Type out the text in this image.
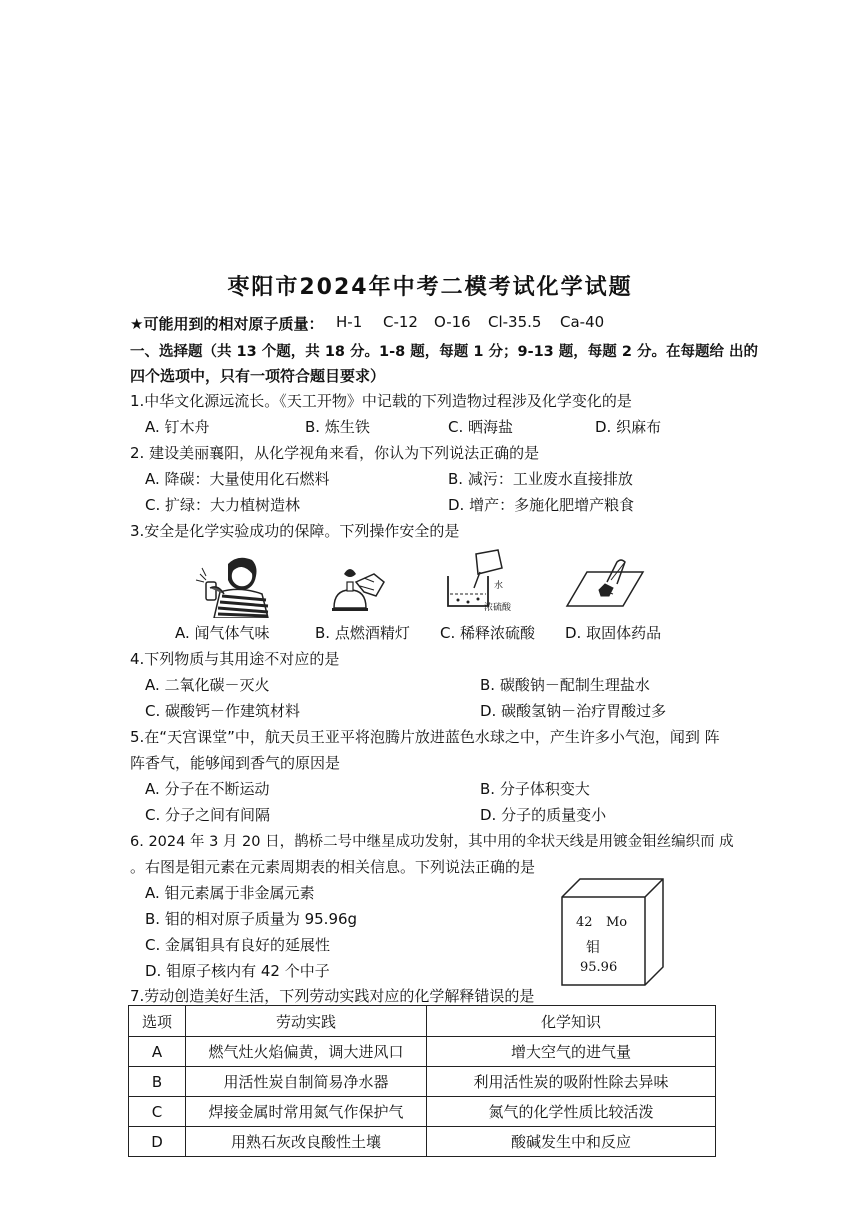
枣阳市2024年中考二模考试化学试题
★可能用到的相对原子质量： H-1 C-12 O-16 Cl-35.5 Ca-40
一、选择题（共 13 个题，共 18 分。1-8 题，每题 1 分；9-13 题，每题 2 分。在每题给 出的
四个选项中，只有一项符合题目要求）
1.中华文化源远流长。《天工开物》中记载的下列造物过程涉及化学变化的是
A. 钉木舟	B. 炼生铁	C. 晒海盐	D. 织麻布
2. 建设美丽襄阳，从化学视角来看，你认为下列说法正确的是
A. 降碳：大量使用化石燃料	B. 减污：工业废水直接排放
C. 扩绿：大力植树造林	D. 增产：多施化肥增产粮食
3.安全是化学实验成功的保障。下列操作安全的是
水
浓硫酸
A. 闻气体气味	B. 点燃酒精灯 C. 稀释浓硫酸 D. 取固体药品
4.下列物质与其用途不对应的是
A. 二氧化碳－灭火	B. 碳酸钠－配制生理盐水
C. 碳酸钙－作建筑材料	D. 碳酸氢钠－治疗胃酸过多
5.在“天宫课堂”中，航天员王亚平将泡腾片放进蓝色水球之中，产生许多小气泡，闻到 阵
阵香气，能够闻到香气的原因是
A. 分子在不断运动	B. 分子体积变大
C. 分子之间有间隔	D. 分子的质量变小
6. 2024 年 3 月 20 日，鹊桥二号中继星成功发射，其中用的伞状天线是用镀金钼丝编织而 成
。右图是钼元素在元素周期表的相关信息。下列说法正确的是
A. 钼元素属于非金属元素
B. 钼的相对原子质量为 95.96g
C. 金属钼具有良好的延展性
D. 钼原子核内有 42 个中子
42 Mo
钼
95.96
7.劳动创造美好生活，下列劳动实践对应的化学解释错误的是
选项	劳动实践	化学知识
A	燃气灶火焰偏黄，调大进风口	增大空气的进气量
B	用活性炭自制简易净水器	利用活性炭的吸附性除去异味
C	焊接金属时常用氮气作保护气	氮气的化学性质比较活泼
D	用熟石灰改良酸性土壤	酸碱发生中和反应
